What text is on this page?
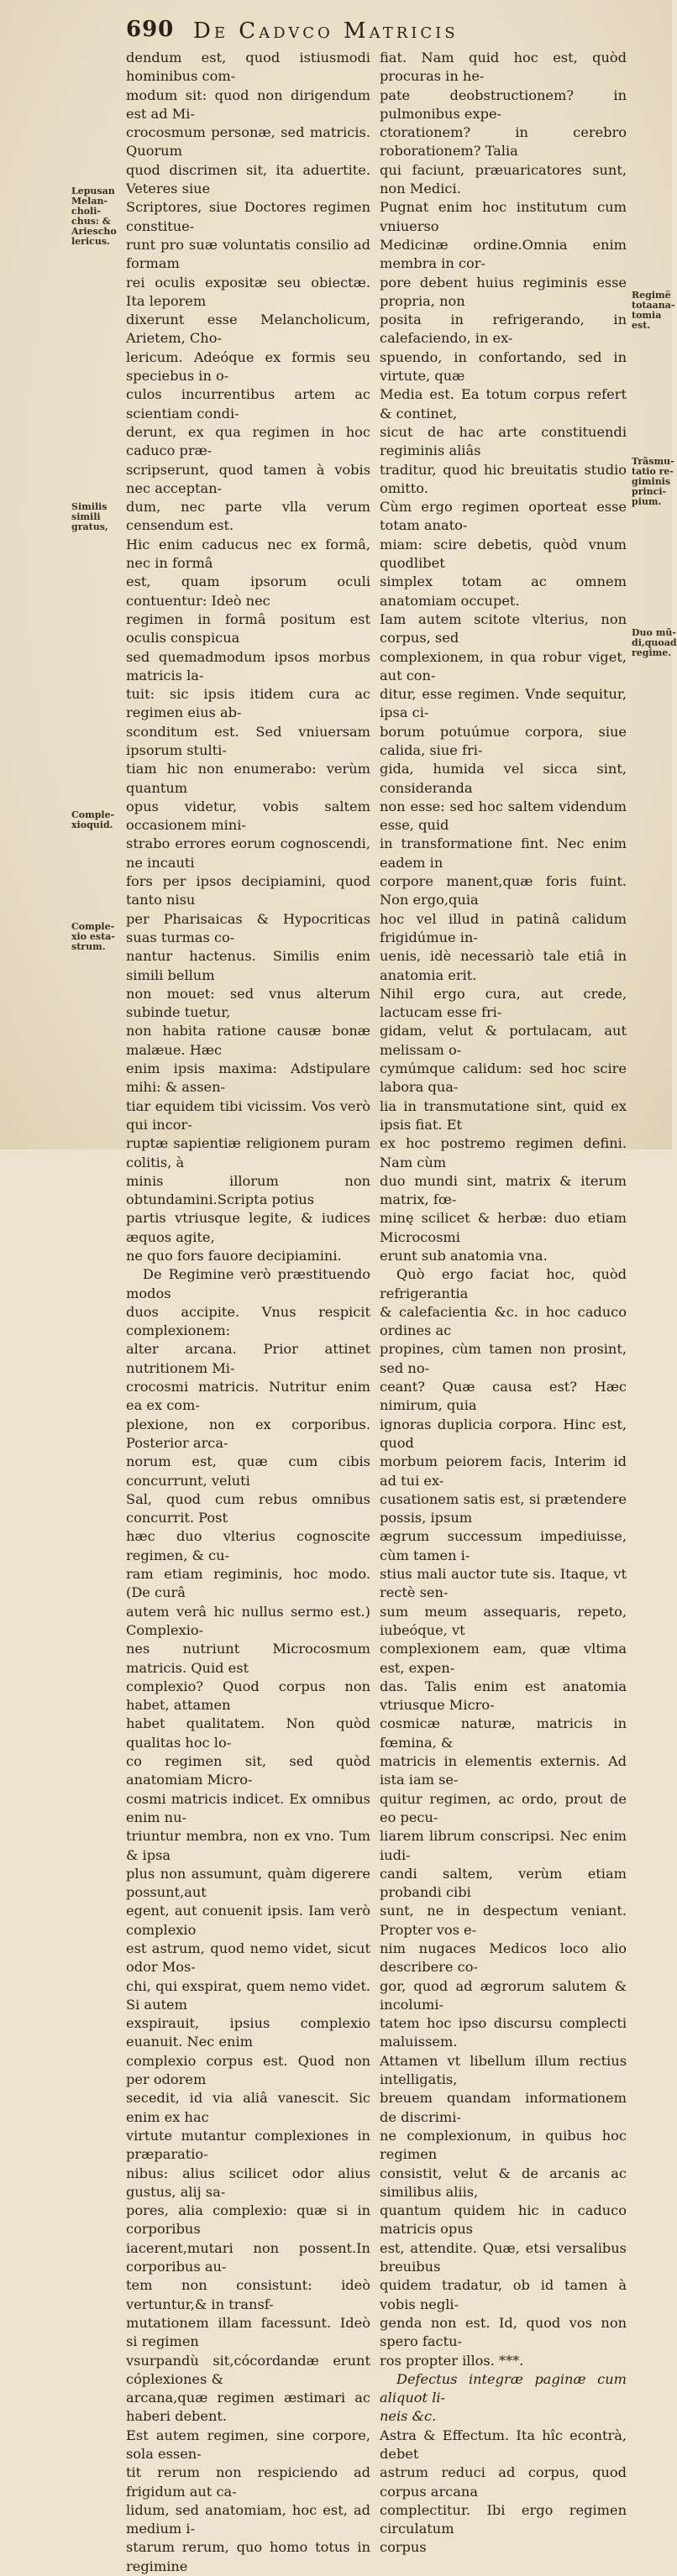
690 De Cadvco Matricis

dendum est, quod istiusmodi hominibus com-

modum sit: quod non dirigendum est ad Mi-

crocosmum personæ, sed matricis. Quorum

quod discrimen sit, ita aduertite. Veteres siue

Scriptores, siue Doctores regimen constitue-

runt pro suæ voluntatis consilio ad formam

rei oculis expositæ seu obiectæ. Ita leporem

dixerunt esse Melancholicum, Arietem, Cho-

lericum. Adeóque ex formis seu speciebus in o-

culos incurrentibus artem ac scientiam condi-

derunt, ex qua regimen in hoc caduco præ-

scripserunt, quod tamen à vobis nec acceptan-

dum, nec parte vlla verum censendum est.

Hic enim caducus nec ex formâ, nec in formâ

est, quam ipsorum oculi contuentur: Ideò nec

regimen in formâ positum est oculis conspicua

sed quemadmodum ipsos morbus matricis la-

tuit: sic ipsis itidem cura ac regimen eius ab-

sconditum est. Sed vniuersam ipsorum stulti-

tiam hic non enumerabo: verùm quantum

opus videtur, vobis saltem occasionem mini-

strabo errores eorum cognoscendi, ne incauti

fors per ipsos decipiamini, quod tanto nisu

per Pharisaicas & Hypocriticas suas turmas co-

nantur hactenus. Similis enim simili bellum

non mouet: sed vnus alterum subinde tuetur,

non habita ratione causæ bonæ malæue. Hæc

enim ipsis maxima: Adstipulare mihi: & assen-

tiar equidem tibi vicissim. Vos verò qui incor-

ruptæ sapientiæ religionem puram colitis, à

minis illorum non obtundamini.Scripta potius

partis vtriusque legite, & iudices æquos agite,

ne quo fors fauore decipiamini.

De Regimine verò præstituendo modos

duos accipite. Vnus respicit complexionem:

alter arcana. Prior attinet nutritionem Mi-

crocosmi matricis. Nutritur enim ea ex com-

plexione, non ex corporibus. Posterior arca-

norum est, quæ cum cibis concurrunt, veluti

Sal, quod cum rebus omnibus concurrit. Post

hæc duo vlterius cognoscite regimen, & cu-

ram etiam regiminis, hoc modo. (De curâ

autem verâ hic nullus sermo est.) Complexio-

nes nutriunt Microcosmum matricis. Quid est

complexio? Quod corpus non habet, attamen

habet qualitatem. Non quòd qualitas hoc lo-

co regimen sit, sed quòd anatomiam Micro-

cosmi matricis indicet. Ex omnibus enim nu-

triuntur membra, non ex vno. Tum & ipsa

plus non assumunt, quàm digerere possunt,aut

egent, aut conuenit ipsis. Iam verò complexio

est astrum, quod nemo videt, sicut odor Mos-

chi, qui exspirat, quem nemo videt. Si autem

exspirauit, ipsius complexio euanuit. Nec enim

complexio corpus est. Quod non per odorem

secedit, id via aliâ vanescit. Sic enim ex hac

virtute mutantur complexiones in præparatio-

nibus: alius scilicet odor alius gustus, alij sa-

pores, alia complexio: quæ si in corporibus

iacerent,mutari non possent.In corporibus au-

tem non consistunt: ideò vertuntur,& in transf-

mutationem illam facessunt. Ideò si regimen

vsurpandù sit,cócordandæ erunt cóplexiones &

arcana,quæ regimen æstimari ac haberi debent.

Est autem regimen, sine corpore, sola essen-

tit rerum non respiciendo ad frigidum aut ca-

lidum, sed anatomiam, hoc est, ad medium i-

starum rerum, quo homo totus in regimine

fiat. Nam quid hoc est, quòd procuras in he-

pate deobstructionem? in pulmonibus expe-

ctorationem? in cerebro roborationem? Talia

qui faciunt, præuaricatores sunt, non Medici.

Pugnat enim hoc institutum cum vniuerso

Medicinæ ordine.Omnia enim membra in cor-

pore debent huius regiminis esse propria, non

posita in refrigerando, in calefaciendo, in ex-

spuendo, in confortando, sed in virtute, quæ

Media est. Ea totum corpus refert & continet,

sicut de hac arte constituendi regiminis aliâs

traditur, quod hic breuitatis studio omitto.

Cùm ergo regimen oporteat esse totam anato-

miam: scire debetis, quòd vnum quodlibet

simplex totam ac omnem anatomiam occupet.

Iam autem scitote vlterius, non corpus, sed

complexionem, in qua robur viget, aut con-

ditur, esse regimen. Vnde sequitur, ipsa ci-

borum potuúmue corpora, siue calida, siue fri-

gida, humida vel sicca sint, consideranda

non esse: sed hoc saltem videndum esse, quid

in transformatione fint. Nec enim eadem in

corpore manent,quæ foris fuint. Non ergo,quia

hoc vel illud in patinâ calidum frigidúmue in-

uenis, idè necessariò tale etiâ in anatomia erit.

Nihil ergo cura, aut crede, lactucam esse fri-

gidam, velut & portulacam, aut melissam o-

cymúmque calidum: sed hoc scire labora qua-

lia in transmutatione sint, quid ex ipsis fiat. Et

ex hoc postremo regimen defini. Nam cùm

duo mundi sint, matrix & iterum matrix, fœ-

minę scilicet & herbæ: duo etiam Microcosmi

erunt sub anatomia vna.

Quò ergo faciat hoc, quòd refrigerantia

& calefacientia &c. in hoc caduco ordines ac

propines, cùm tamen non prosint, sed no-

ceant? Quæ causa est? Hæc nimirum, quia

ignoras duplicia corpora. Hinc est, quod

morbum peiorem facis, Interim id ad tui ex-

cusationem satis est, si prætendere possis, ipsum

ægrum successum impediuisse, cùm tamen i-

stius mali auctor tute sis. Itaque, vt rectè sen-

sum meum assequaris, repeto, iubeóque, vt

complexionem eam, quæ vltima est, expen-

das. Talis enim est anatomia vtriusque Micro-

cosmicæ naturæ, matricis in fœmina, &

matricis in elementis externis. Ad ista iam se-

quitur regimen, ac ordo, prout de eo pecu-

liarem librum conscripsi. Nec enim iudi-

candi saltem, verùm etiam probandi cibi

sunt, ne in despectum veniant. Propter vos e-

nim nugaces Medicos loco alio describere co-

gor, quod ad ægrorum salutem & incolumi-

tatem hoc ipso discursu complecti maluissem.

Attamen vt libellum illum rectius intelligatis,

breuem quandam informationem de discrimi-

ne complexionum, in quibus hoc regimen

consistit, velut & de arcanis ac similibus aliis,

quantum quidem hic in caduco matricis opus

est, attendite. Quæ, etsi versalibus breuibus

quidem tradatur, ob id tamen à vobis negli-

genda non est. Id, quod vos non spero factu-

ros propter illos. ***.

Defectus integræ paginæ cum aliquot li-

neis &c.

Astra & Effectum. Ita hîc econtrà, debet

astrum reduci ad corpus, quod corpus arcana

complectitur. Ibi ergo regimen circulatum

corpus

Lepusan
Melan-
choli-
chus: &
Ariescho
lericus.
Similis
simili
gratus,
Comple-
xioquid.
Comple-
xio esta-
strum.
Regimë
totaana-
tomia
est.
Trãsmu-
tatio re-
giminis
princi-
pium.
Duo mũ-
di,quoad
regime.
